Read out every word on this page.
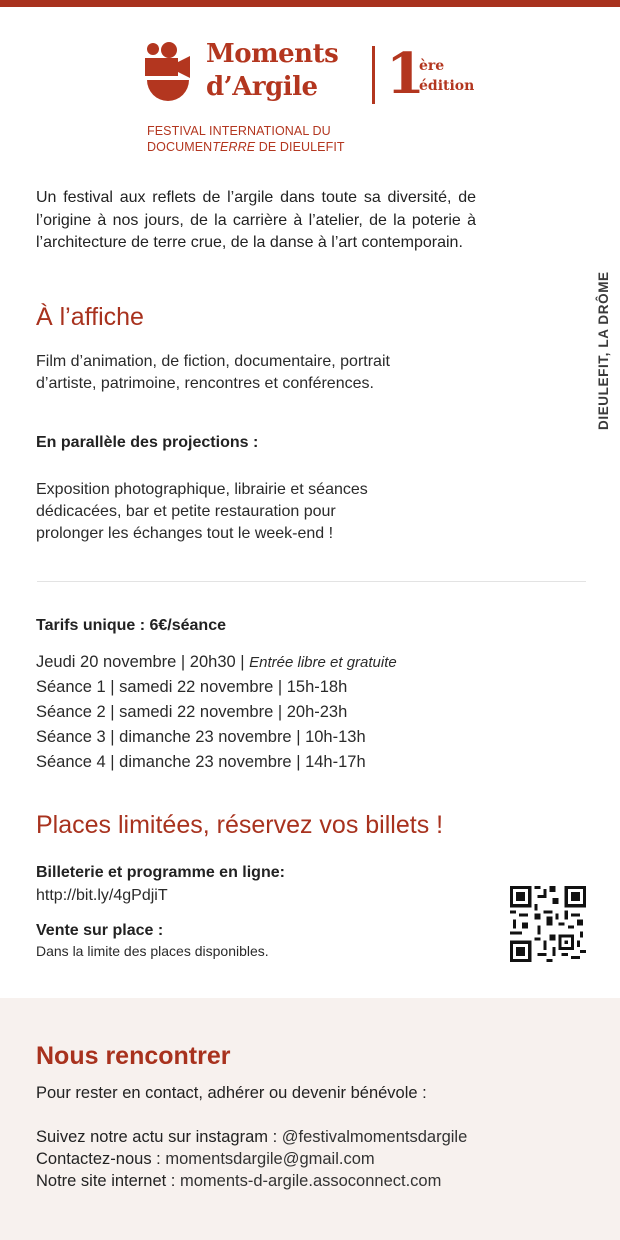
Moments
d’Argile	1
ère
édition
FESTIVAL INTERNATIONAL DU
DOCUMENTERRE DE DIEULEFIT

Un festival aux reflets de l’argile dans toute sa diversité, de l’origine à nos jours, de la carrière à l’atelier, de la poterie à l’architecture de terre crue, de la danse à l’art contemporain.

À l’affiche
Film d’animation, de fiction, documentaire, portrait
d’artiste, patrimoine, rencontres et conférences.
En parallèle des projections :
Exposition photographique, librairie et séances
dédicacées, bar et petite restauration pour
prolonger les échanges tout le week-end !
Tarifs unique : 6€/séance
Jeudi 20 novembre | 20h30 | Entrée libre et gratuite
Séance 1 | samedi 22 novembre | 15h-18h
Séance 2 | samedi 22 novembre | 20h-23h
Séance 3 | dimanche 23 novembre | 10h-13h
Séance 4 | dimanche 23 novembre | 14h-17h
Places limitées, réservez vos billets !
Billeterie et programme en ligne:
http://bit.ly/4gPdjiT
Vente sur place :
Dans la limite des places disponibles.
DIEULEFIT, LA DRÔME
Nous rencontrer
Pour rester en contact, adhérer ou devenir bénévole :
Suivez notre actu sur instagram : @festivalmomentsdargile
Contactez-nous : momentsdargile@gmail.com
Notre site internet : moments-d-argile.assoconnect.com
